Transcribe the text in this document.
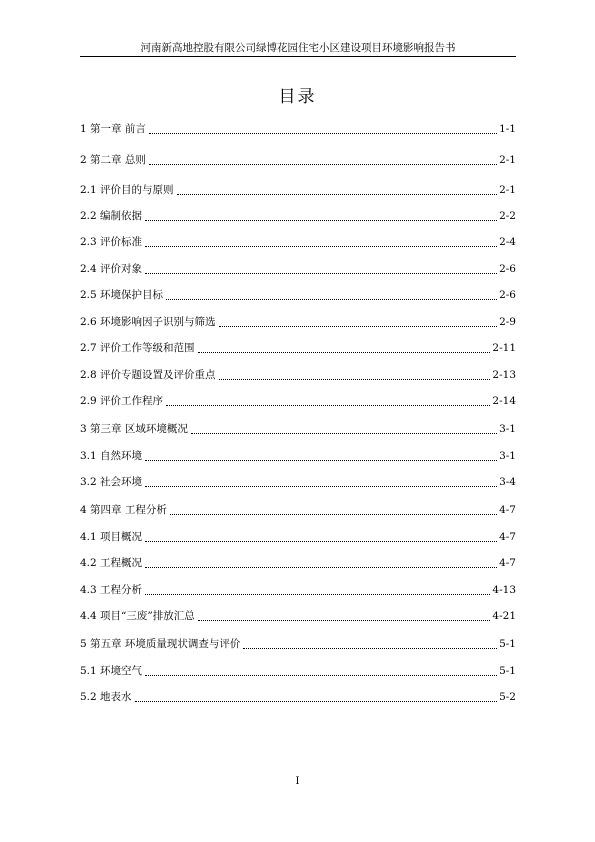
河南新高地控股有限公司绿博花园住宅小区建设项目环境影响报告书
目录
1 第一章 前言	1-1
2 第二章 总则	2-1
2.1 评价目的与原则	2-1
2.2 编制依据	2-2
2.3 评价标准	2-4
2.4 评价对象	2-6
2.5 环境保护目标	2-6
2.6 环境影响因子识别与筛选	2-9
2.7 评价工作等级和范围	2-11
2.8 评价专题设置及评价重点	2-13
2.9 评价工作程序	2-14
3 第三章 区域环境概况	3-1
3.1 自然环境	3-1
3.2 社会环境	3-4
4 第四章 工程分析	4-7
4.1 项目概况	4-7
4.2 工程概况	4-7
4.3 工程分析	4-13
4.4 项目“三废”排放汇总	4-21
5 第五章 环境质量现状调查与评价	5-1
5.1 环境空气	5-1
5.2 地表水	5-2
I
